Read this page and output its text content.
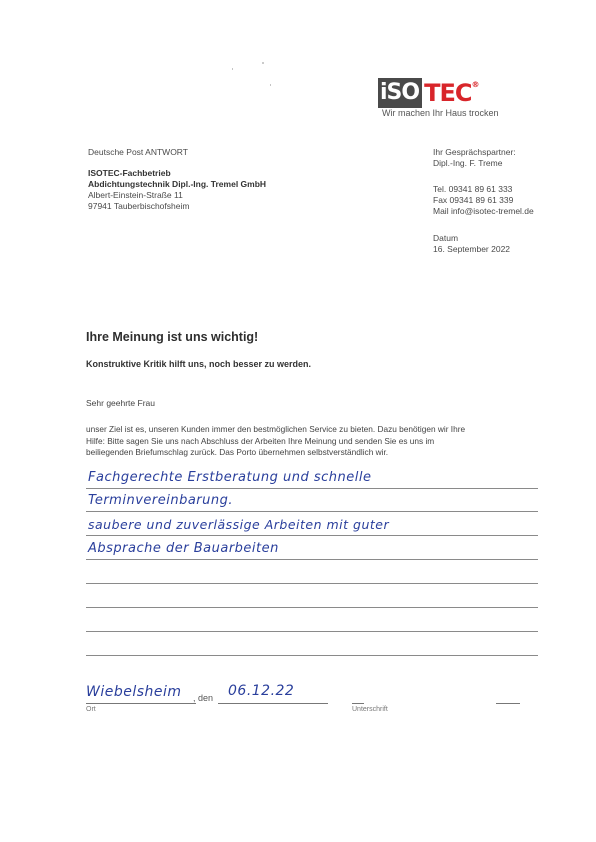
iSO TEC®
Wir machen Ihr Haus trocken
Deutsche Post ANTWORT
ISOTEC-Fachbetrieb
Abdichtungstechnik Dipl.-Ing. Tremel GmbH
Albert-Einstein-Straße 11
97941 Tauberbischofsheim
Ihr Gesprächspartner:
Dipl.-Ing. F. Treme
Tel. 09341 89 61 333
Fax 09341 89 61 339
Mail info@isotec-tremel.de
Datum
16. September 2022
Ihre Meinung ist uns wichtig!
Konstruktive Kritik hilft uns, noch besser zu werden.
Sehr geehrte Frau
unser Ziel ist es, unseren Kunden immer den bestmöglichen Service zu bieten. Dazu benötigen wir Ihre
Hilfe: Bitte sagen Sie uns nach Abschluss der Arbeiten Ihre Meinung und senden Sie es uns im
beiliegenden Briefumschlag zurück. Das Porto übernehmen selbstverständlich wir.
Fachgerechte Erstberatung und schnelle
Terminvereinbarung.
saubere und zuverlässige Arbeiten mit guter
Absprache der Bauarbeiten
Wiebelsheim , den 06.12.22
Ort	Unterschrift
